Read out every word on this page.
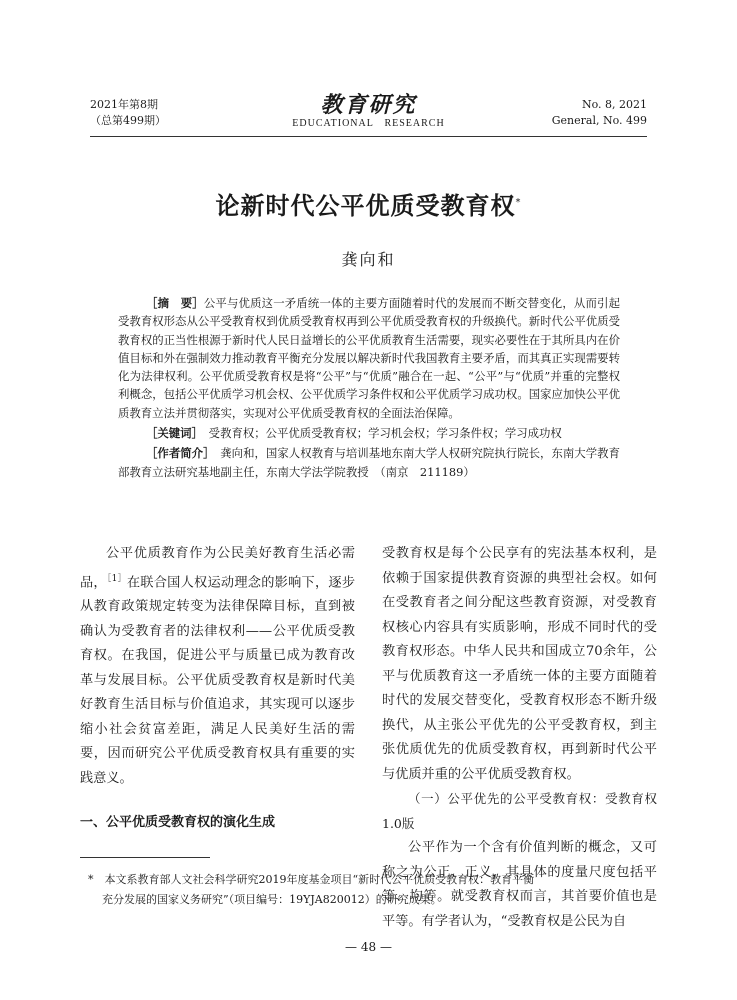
2021年第8期
（总第499期）
教育研究
EDUCATIONAL　RESEARCH
No. 8, 2021
General, No. 499
论新时代公平优质受教育权*
龚向和

［摘　要］公平与优质这一矛盾统一体的主要方面随着时代的发展而不断交替变化，从而引起受教育权形态从公平受教育权到优质受教育权再到公平优质受教育权的升级换代。新时代公平优质受教育权的正当性根源于新时代人民日益增长的公平优质教育生活需要，现实必要性在于其所具内在价值目标和外在强制效力推动教育平衡充分发展以解决新时代我国教育主要矛盾，而其真正实现需要转化为法律权利。公平优质受教育权是将“公平”与“优质”融合在一起、“公平”与“优质”并重的完整权利概念，包括公平优质学习机会权、公平优质学习条件权和公平优质学习成功权。国家应加快公平优质教育立法并贯彻落实，实现对公平优质受教育权的全面法治保障。

［关键词］　 受教育权；公平优质受教育权；学习机会权；学习条件权；学习成功权

［作者简介］　 龚向和，国家人权教育与培训基地东南大学人权研究院执行院长，东南大学教育部教育立法研究基地副主任，东南大学法学院教授　（南京　211189）

公平优质教育作为公民美好教育生活必需品，$^{[1]}$在联合国人权运动理念的影响下，逐步从教育政策规定转变为法律保障目标，直到被确认为受教育者的法律权利——公平优质受教育权。在我国，促进公平与质量已成为教育改革与发展目标。公平优质受教育权是新时代美好教育生活目标与价值追求，其实现可以逐步缩小社会贫富差距，满足人民美好生活的需要，因而研究公平优质受教育权具有重要的实践意义。

一、公平优质受教育权的演化生成

受教育权是每个公民享有的宪法基本权利，是依赖于国家提供教育资源的典型社会权。如何在受教育者之间分配这些教育资源，对受教育权核心内容具有实质影响，形成不同时代的受教育权形态。中华人民共和国成立70余年，公平与优质教育这一矛盾统一体的主要方面随着时代的发展交替变化，受教育权形态不断升级换代，从主张公平优先的公平受教育权，到主张优质优先的优质受教育权，再到新时代公平与优质并重的公平优质受教育权。

（一）公平优先的公平受教育权：受教育权1.0版

公平作为一个含有价值判断的概念，又可称之为公正、正义，其具体的度量尺度包括平等、均等。就受教育权而言，其首要价值也是平等。有学者认为，“受教育权是公民为自

*　 本文系教育部人文社会科学研究2019年度基金项目“新时代公平优质受教育权：教育平衡

充分发展的国家义务研究”（项目编号：19YJA820012）的研究成果。

— 48 —
